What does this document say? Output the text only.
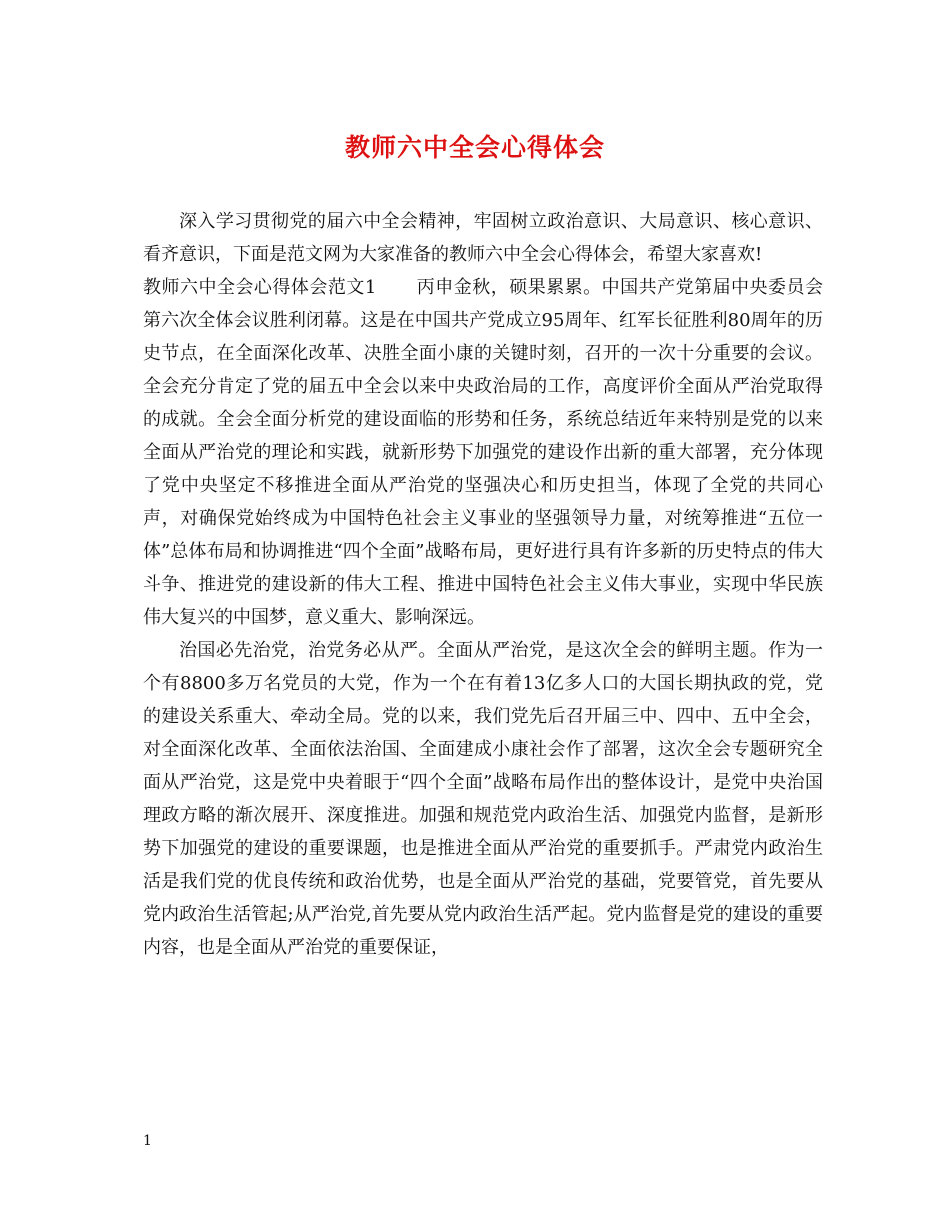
教师六中全会心得体会

深入学习贯彻党的届六中全会精神，牢固树立政治意识、大局意识、核心意识、看齐意识，下面是范文网为大家准备的教师六中全会心得体会，希望大家喜欢!

教师六中全会心得体会范文1 丙申金秋，硕果累累。中国共产党第届中央委员会第六次全体会议胜利闭幕。这是在中国共产党成立95周年、红军长征胜利80周年的历史节点，在全面深化改革、决胜全面小康的关键时刻，召开的一次十分重要的会议。全会充分肯定了党的届五中全会以来中央政治局的工作，高度评价全面从严治党取得的成就。全会全面分析党的建设面临的形势和任务，系统总结近年来特别是党的以来全面从严治党的理论和实践，就新形势下加强党的建设作出新的重大部署，充分体现了党中央坚定不移推进全面从严治党的坚强决心和历史担当，体现了全党的共同心声，对确保党始终成为中国特色社会主义事业的坚强领导力量，对统筹推进“五位一体”总体布局和协调推进“四个全面”战略布局，更好进行具有许多新的历史特点的伟大斗争、推进党的建设新的伟大工程、推进中国特色社会主义伟大事业，实现中华民族伟大复兴的中国梦，意义重大、影响深远。

治国必先治党，治党务必从严。全面从严治党，是这次全会的鲜明主题。作为一个有8800多万名党员的大党，作为一个在有着13亿多人口的大国长期执政的党，党的建设关系重大、牵动全局。党的以来，我们党先后召开届三中、四中、五中全会，对全面深化改革、全面依法治国、全面建成小康社会作了部署，这次全会专题研究全面从严治党，这是党中央着眼于“四个全面”战略布局作出的整体设计，是党中央治国理政方略的渐次展开、深度推进。加强和规范党内政治生活、加强党内监督，是新形势下加强党的建设的重要课题，也是推进全面从严治党的重要抓手。严肃党内政治生活是我们党的优良传统和政治优势，也是全面从严治党的基础，党要管党，首先要从党内政治生活管起;从严治党,首先要从党内政治生活严起。党内监督是党的建设的重要内容，也是全面从严治党的重要保证，

1
